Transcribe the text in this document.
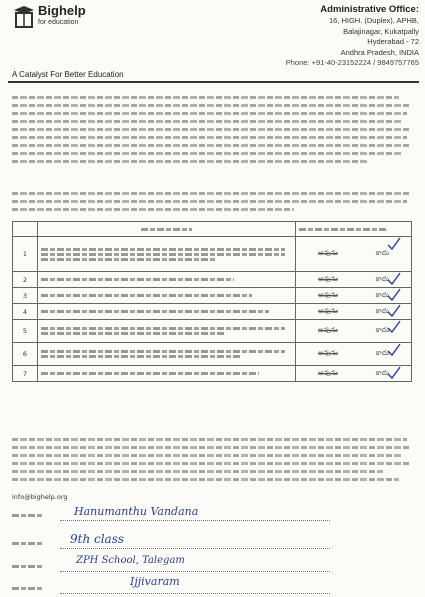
Bighelp
for education
A Catalyst For Better Education
Administrative Office:
16, HIGH. (Duplex), APHB,
Balajinagar, Kukatpally
Hyderabad - 72
Andhra Pradesh, INDIA
Phone: +91-40-23152224 / 9849757765

1		అవును కాదు

2		అవును కాదు

3		అవును కాదు

4		అవును కాదు

5		అవును కాదు

6		అవును కాదు

7		అవును కాదు
info@bighelp.org
Hanumanthu Vandana
9th class
ZPH School, Talegam
Ijjivaram
